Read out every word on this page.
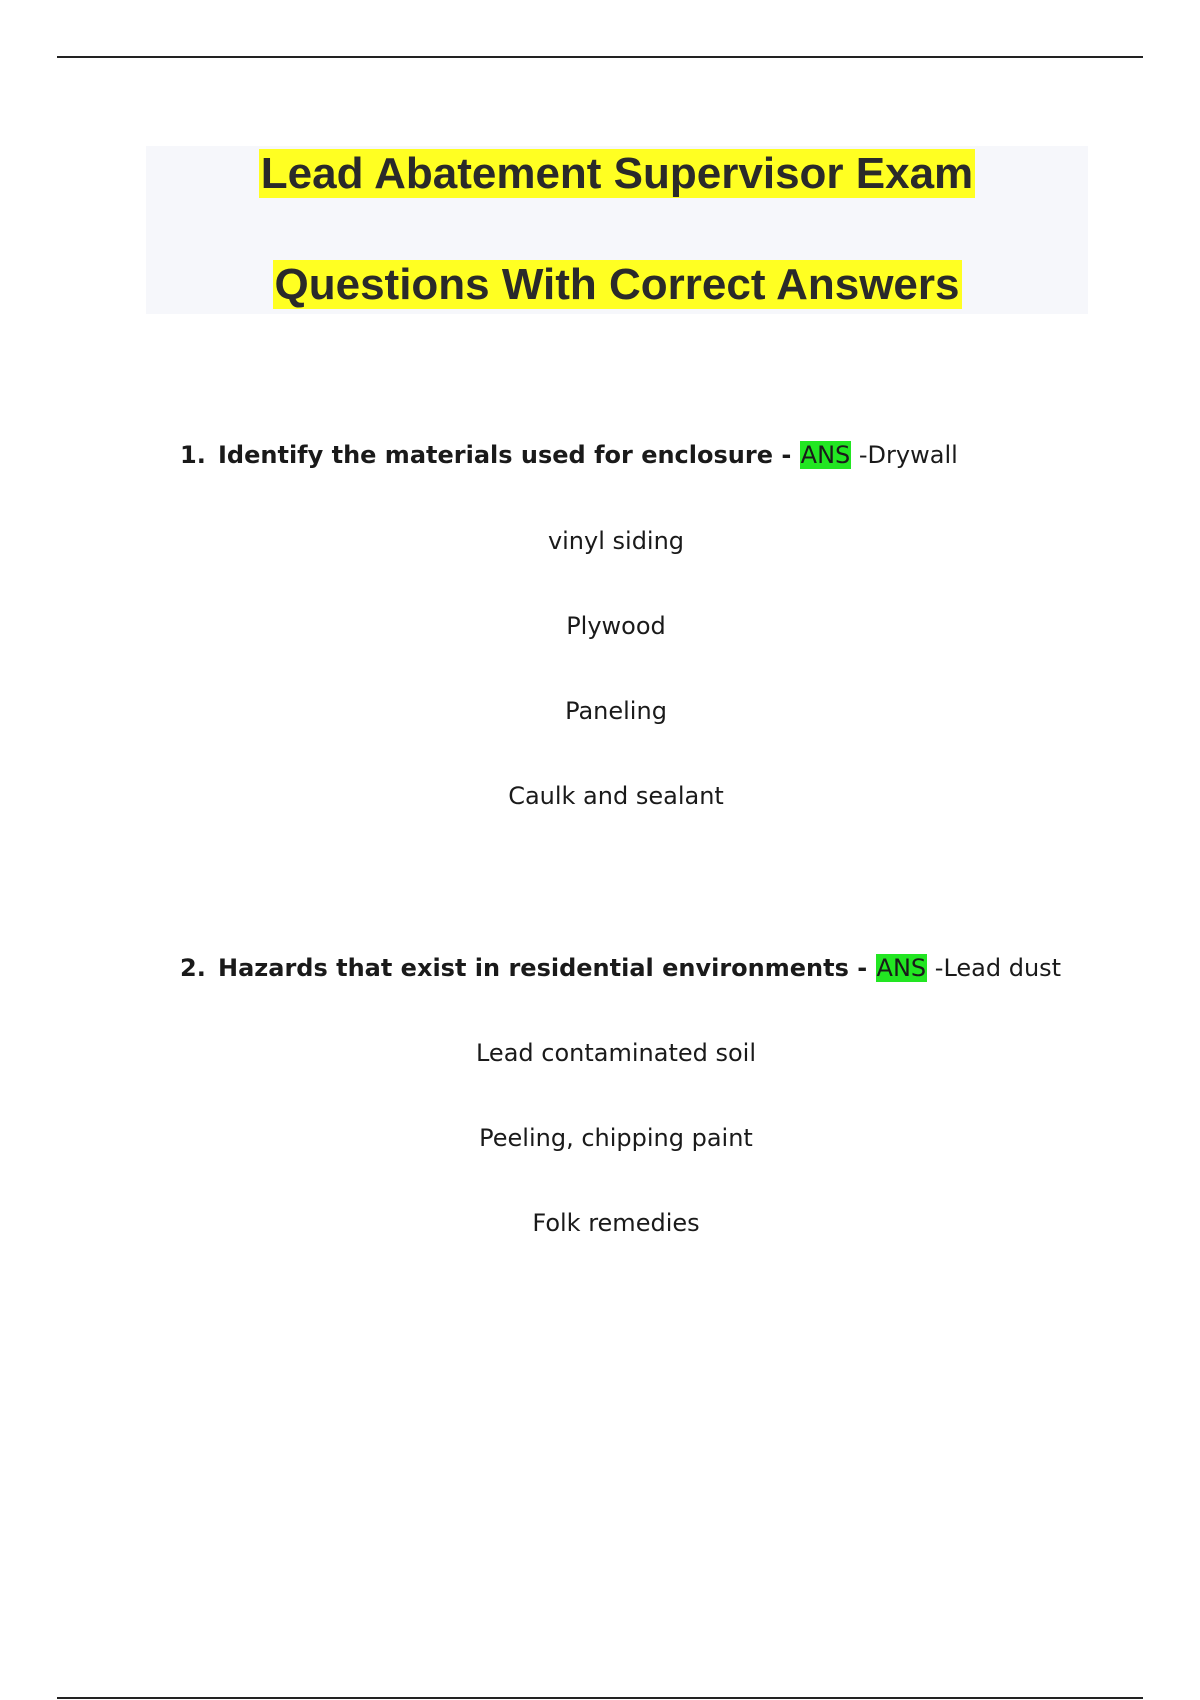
Lead Abatement Supervisor Exam
Questions With Correct Answers
1. Identify the materials used for enclosure - ANS -Drywall
vinyl siding
Plywood
Paneling
Caulk and sealant
2. Hazards that exist in residential environments - ANS -Lead dust
Lead contaminated soil
Peeling, chipping paint
Folk remedies
